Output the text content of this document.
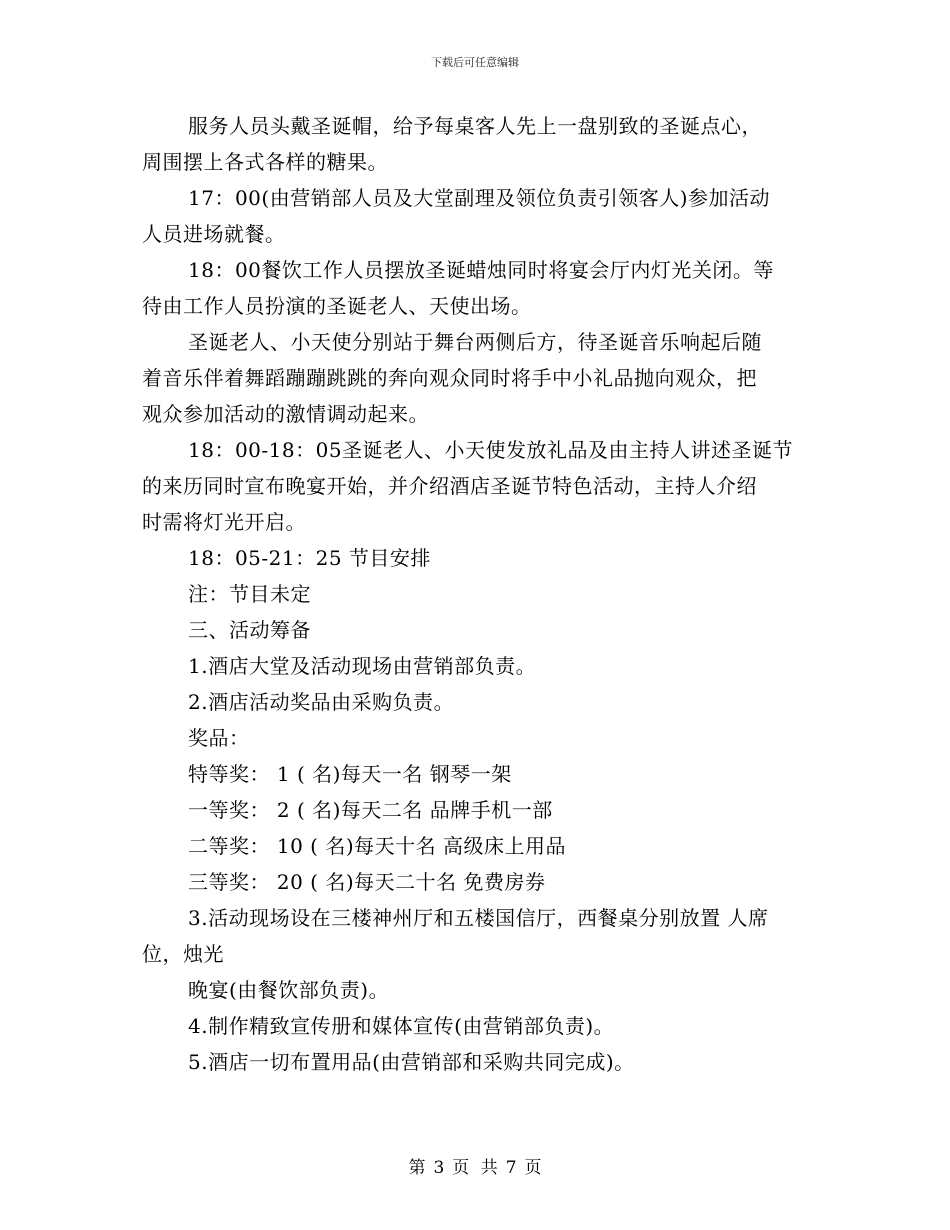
下载后可任意编辑
服务人员头戴圣诞帽，给予每桌客人先上一盘别致的圣诞点心，
周围摆上各式各样的糖果。
17：00(由营销部人员及大堂副理及领位负责引领客人)参加活动
人员进场就餐。
18：00餐饮工作人员摆放圣诞蜡烛同时将宴会厅内灯光关闭。等
待由工作人员扮演的圣诞老人、天使出场。
圣诞老人、小天使分别站于舞台两侧后方，待圣诞音乐响起后随
着音乐伴着舞蹈蹦蹦跳跳的奔向观众同时将手中小礼品抛向观众，把
观众参加活动的激情调动起来。
18：00-18：05圣诞老人、小天使发放礼品及由主持人讲述圣诞节
的来历同时宣布晚宴开始，并介绍酒店圣诞节特色活动，主持人介绍
时需将灯光开启。
18：05-21：25 节目安排
注：节目未定
三、活动筹备
1.酒店大堂及活动现场由营销部负责。
2.酒店活动奖品由采购负责。
奖品：
特等奖： 1 ( 名)每天一名 钢琴一架
一等奖： 2 ( 名)每天二名 品牌手机一部
二等奖： 10 ( 名)每天十名 高级床上用品
三等奖： 20 ( 名)每天二十名 免费房券
3.活动现场设在三楼神州厅和五楼国信厅，西餐桌分别放置 人席
位，烛光
晚宴(由餐饮部负责)。
4.制作精致宣传册和媒体宣传(由营销部负责)。
5.酒店一切布置用品(由营销部和采购共同完成)。
第 3 页 共 7 页
